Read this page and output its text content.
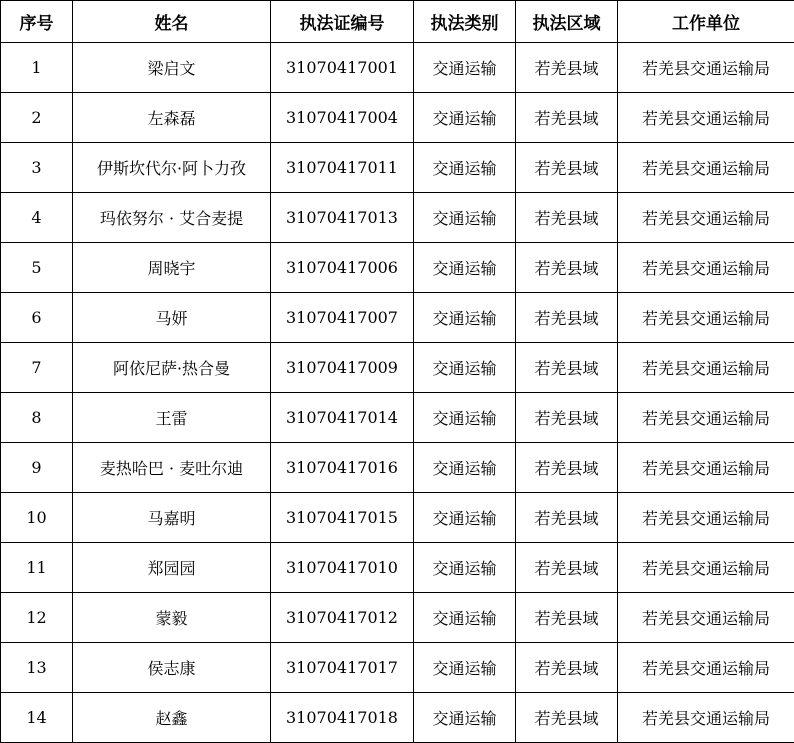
序号	姓名	执法证编号	执法类别	执法区域	工作单位
1	梁启文	31070417001	交通运输	若羌县域	若羌县交通运输局
2	左森磊	31070417004	交通运输	若羌县域	若羌县交通运输局
3	伊斯坎代尔·阿卜力孜	31070417011	交通运输	若羌县域	若羌县交通运输局
4	玛依努尔 · 艾合麦提	31070417013	交通运输	若羌县域	若羌县交通运输局
5	周晓宇	31070417006	交通运输	若羌县域	若羌县交通运输局
6	马妍	31070417007	交通运输	若羌县域	若羌县交通运输局
7	阿依尼萨·热合曼	31070417009	交通运输	若羌县域	若羌县交通运输局
8	王雷	31070417014	交通运输	若羌县域	若羌县交通运输局
9	麦热哈巴 · 麦吐尔迪	31070417016	交通运输	若羌县域	若羌县交通运输局
10	马嘉明	31070417015	交通运输	若羌县域	若羌县交通运输局
11	郑园园	31070417010	交通运输	若羌县域	若羌县交通运输局
12	蒙毅	31070417012	交通运输	若羌县域	若羌县交通运输局
13	侯志康	31070417017	交通运输	若羌县域	若羌县交通运输局
14	赵鑫	31070417018	交通运输	若羌县域	若羌县交通运输局
